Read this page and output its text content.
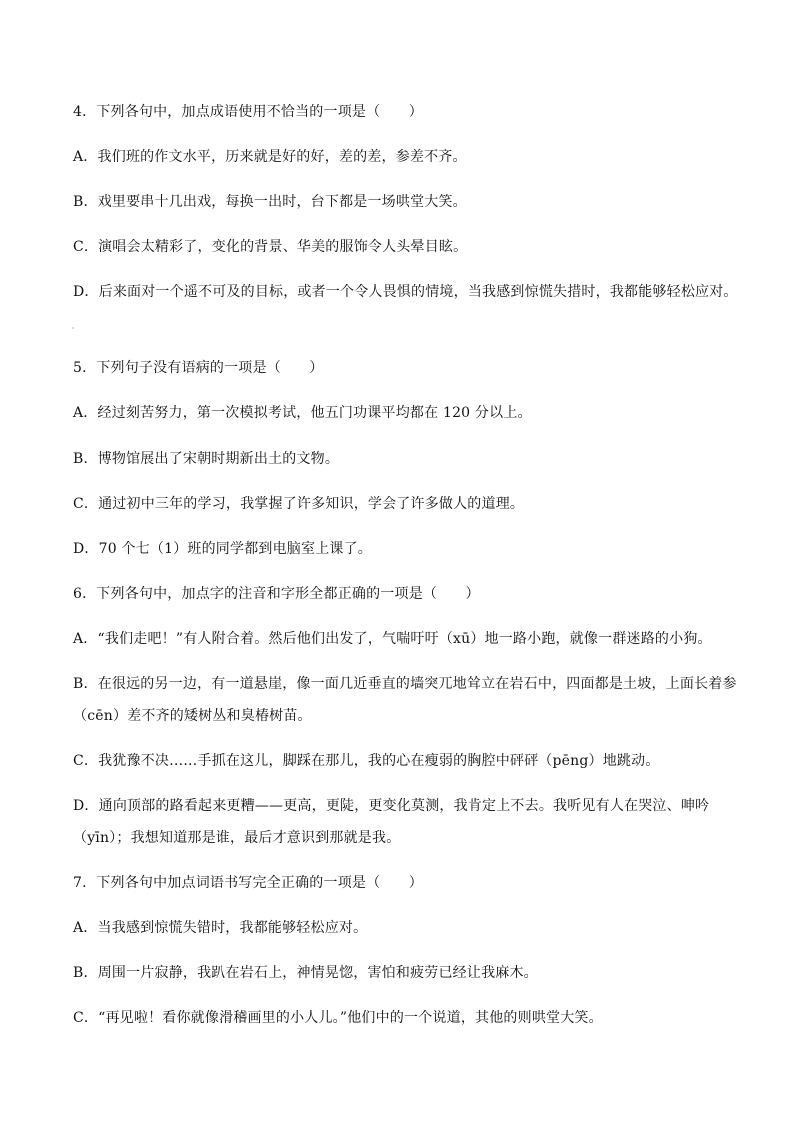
4．下列各句中，加点成语使用不恰当的一项是（　　）
A．我们班的作文水平，历来就是好的好，差的差，参差不齐。
B．戏里要串十几出戏，每换一出时，台下都是一场哄堂大笑。
C．演唱会太精彩了，变化的背景、华美的服饰令人头晕目眩。
D．后来面对一个遥不可及的目标，或者一个令人畏惧的情境，当我感到惊慌失措时，我都能够轻松应对。
5．下列句子没有语病的一项是（　　）
A．经过刻苦努力，第一次模拟考试，他五门功课平均都在 120 分以上。
B．博物馆展出了宋朝时期新出土的文物。
C．通过初中三年的学习，我掌握了许多知识，学会了许多做人的道理。
D．70 个七（1）班的同学都到电脑室上课了。
6．下列各句中，加点字的注音和字形全都正确的一项是（　　）
A．“我们走吧！”有人附合着。然后他们出发了，气喘吁吁（xū）地一路小跑，就像一群迷路的小狗。
B．在很远的另一边，有一道悬崖，像一面几近垂直的墙突兀地耸立在岩石中，四面都是土坡，上面长着参
（cēn）差不齐的矮树丛和臭椿树苗。
C．我犹豫不决……手抓在这儿，脚踩在那儿，我的心在瘦弱的胸腔中砰砰（pēng）地跳动。
D．通向顶部的路看起来更糟——更高，更陡，更变化莫测，我肯定上不去。我听见有人在哭泣、呻吟
（yīn）；我想知道那是谁，最后才意识到那就是我。
7．下列各句中加点词语书写完全正确的一项是（　　）
A．当我感到惊慌失错时，我都能够轻松应对。
B．周围一片寂静，我趴在岩石上，神情晃惚，害怕和疲劳已经让我麻木。
C．“再见啦！看你就像滑稽画里的小人儿。”他们中的一个说道，其他的则哄堂大笑。
